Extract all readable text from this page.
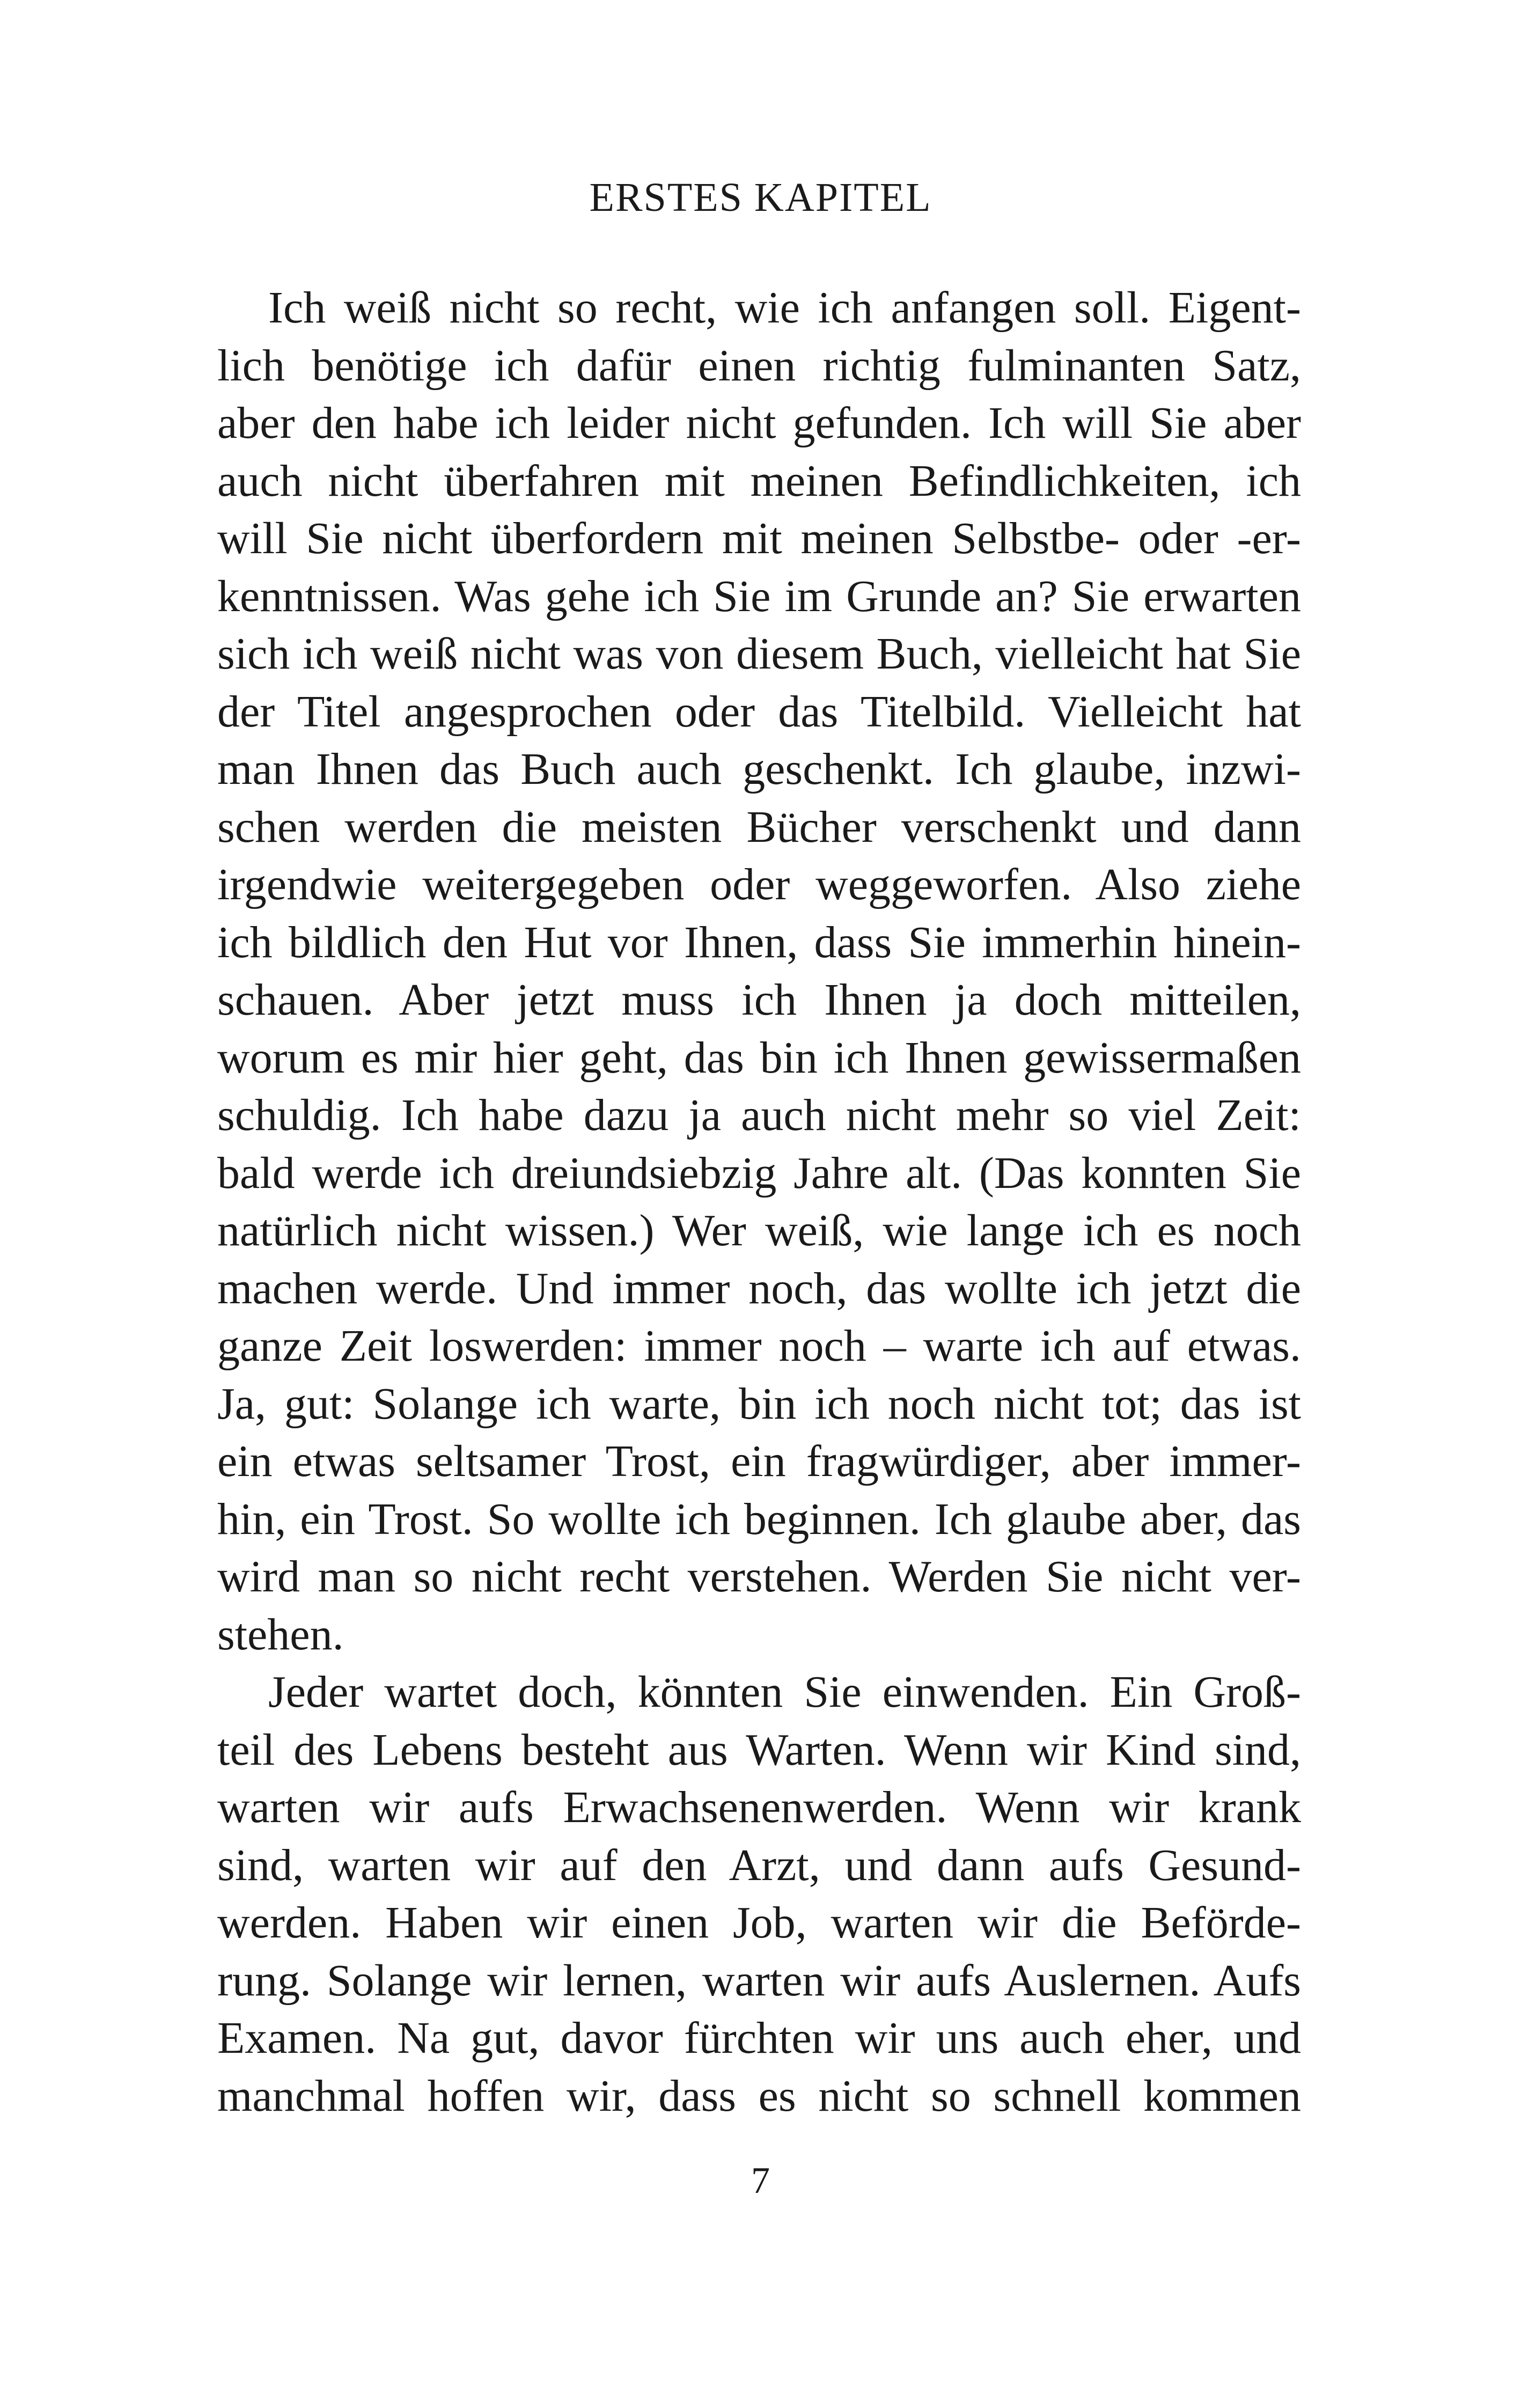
ERSTES KAPITEL
Ich weiß nicht so recht, wie ich anfangen soll. Eigent-
lich benötige ich dafür einen richtig fulminanten Satz,
aber den habe ich leider nicht gefunden. Ich will Sie aber
auch nicht überfahren mit meinen Befindlichkeiten, ich
will Sie nicht überfordern mit meinen Selbstbe- oder -er-
kenntnissen. Was gehe ich Sie im Grunde an? Sie erwarten
sich ich weiß nicht was von diesem Buch, vielleicht hat Sie
der Titel angesprochen oder das Titelbild. Vielleicht hat
man Ihnen das Buch auch geschenkt. Ich glaube, inzwi-
schen werden die meisten Bücher verschenkt und dann
irgendwie weitergegeben oder weggeworfen. Also ziehe
ich bildlich den Hut vor Ihnen, dass Sie immerhin hinein-
schauen. Aber jetzt muss ich Ihnen ja doch mitteilen,
worum es mir hier geht, das bin ich Ihnen gewissermaßen
schuldig. Ich habe dazu ja auch nicht mehr so viel Zeit:
bald werde ich dreiundsiebzig Jahre alt. (Das konnten Sie
natürlich nicht wissen.) Wer weiß, wie lange ich es noch
machen werde. Und immer noch, das wollte ich jetzt die
ganze Zeit loswerden: immer noch – warte ich auf etwas.
Ja, gut: Solange ich warte, bin ich noch nicht tot; das ist
ein etwas seltsamer Trost, ein fragwürdiger, aber immer-
hin, ein Trost. So wollte ich beginnen. Ich glaube aber, das
wird man so nicht recht verstehen. Werden Sie nicht ver-
stehen.
Jeder wartet doch, könnten Sie einwenden. Ein Groß-
teil des Lebens besteht aus Warten. Wenn wir Kind sind,
warten wir aufs Erwachsenenwerden. Wenn wir krank
sind, warten wir auf den Arzt, und dann aufs Gesund-
werden. Haben wir einen Job, warten wir die Beförde-
rung. Solange wir lernen, warten wir aufs Auslernen. Aufs
Examen. Na gut, davor fürchten wir uns auch eher, und
manchmal hoffen wir, dass es nicht so schnell kommen
7
